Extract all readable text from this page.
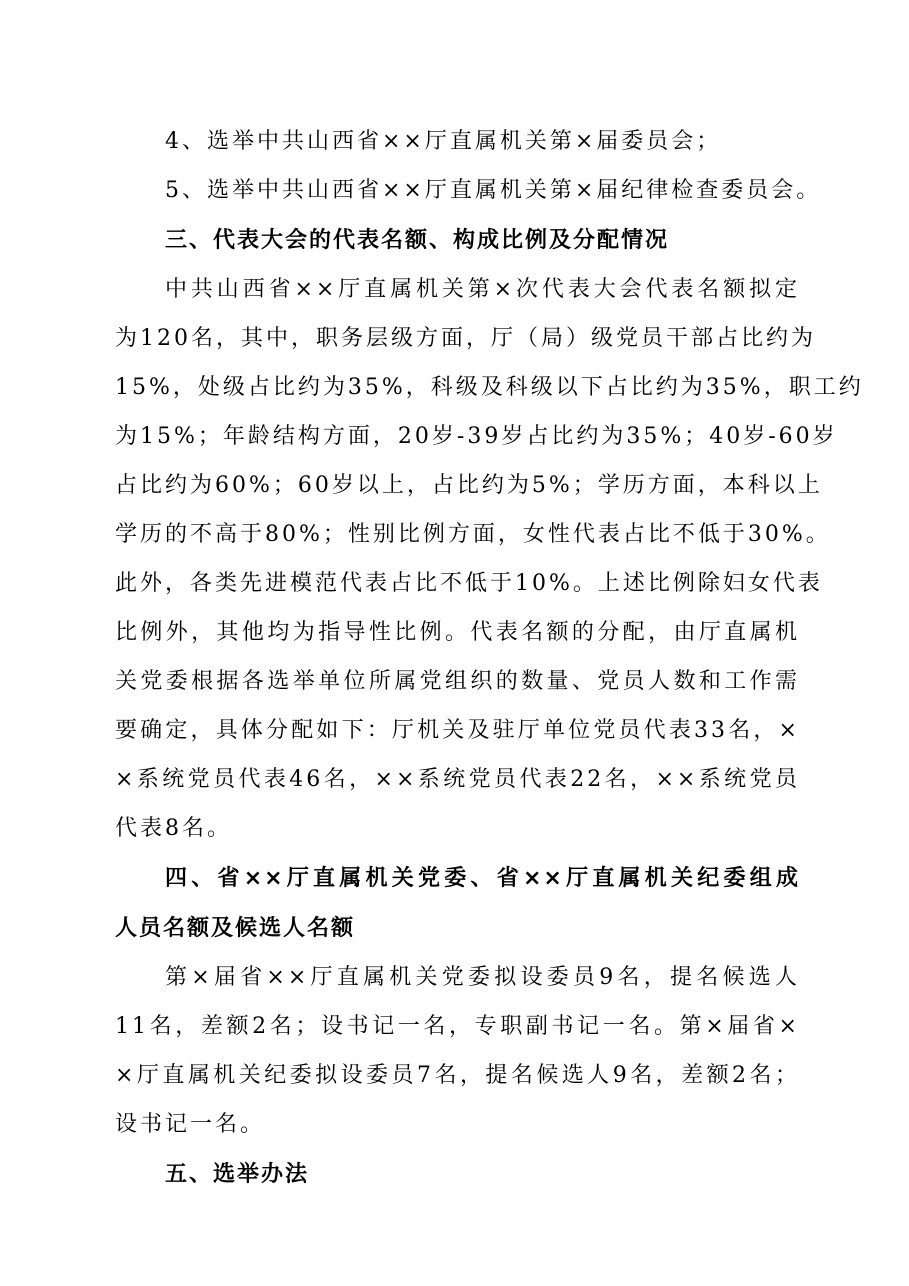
4、选举中共山西省××厅直属机关第×届委员会；
5、选举中共山西省××厅直属机关第×届纪律检查委员会。
三、代表大会的代表名额、构成比例及分配情况
中共山西省××厅直属机关第×次代表大会代表名额拟定
为120名，其中，职务层级方面，厅（局）级党员干部占比约为
15%，处级占比约为35%，科级及科级以下占比约为35%，职工约
为15%；年龄结构方面，20岁-39岁占比约为35%；40岁-60岁
占比约为60%；60岁以上，占比约为5%；学历方面，本科以上
学历的不高于80%；性别比例方面，女性代表占比不低于30%。
此外，各类先进模范代表占比不低于10%。上述比例除妇女代表
比例外，其他均为指导性比例。代表名额的分配，由厅直属机
关党委根据各选举单位所属党组织的数量、党员人数和工作需
要确定，具体分配如下：厅机关及驻厅单位党员代表33名，×
×系统党员代表46名，××系统党员代表22名，××系统党员
代表8名。
四、省××厅直属机关党委、省××厅直属机关纪委组成
人员名额及候选人名额
第×届省××厅直属机关党委拟设委员9名，提名候选人
11名，差额2名；设书记一名，专职副书记一名。第×届省×
×厅直属机关纪委拟设委员7名，提名候选人9名，差额2名；
设书记一名。
五、选举办法
